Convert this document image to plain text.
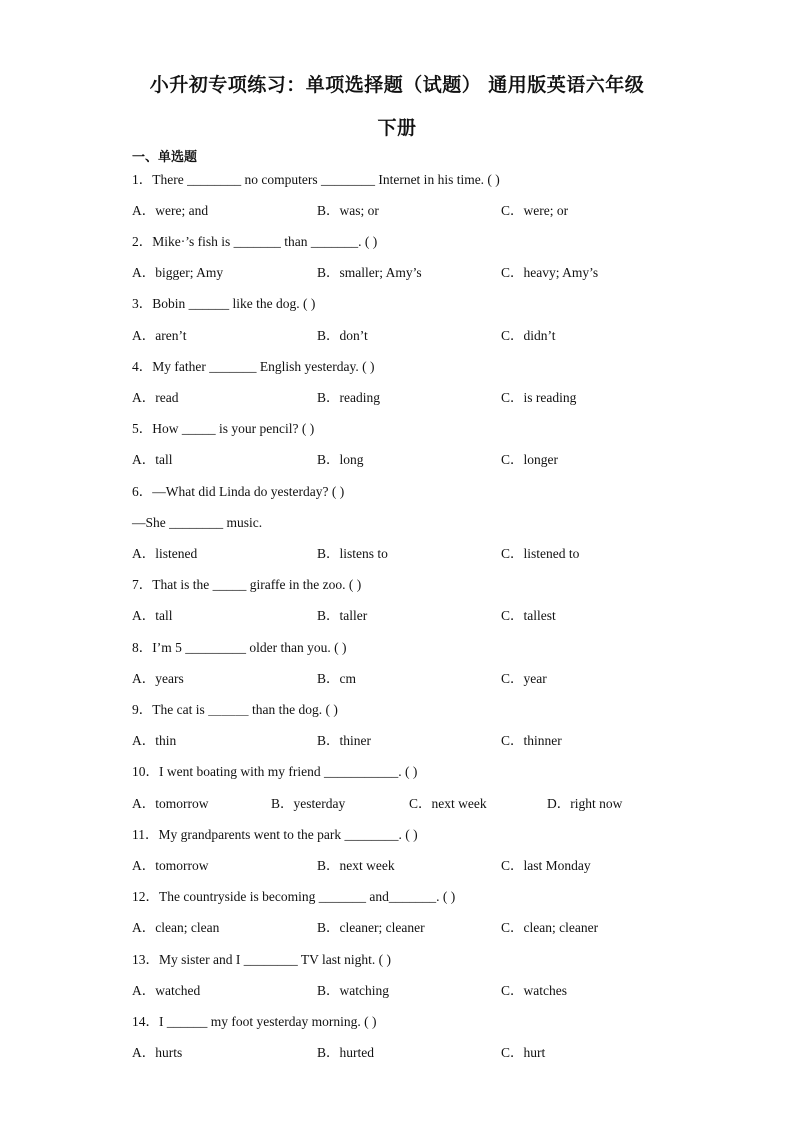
小升初专项练习：单项选择题（试题） 通用版英语六年级
下册
一、单选题
1．There ________ no computers ________ Internet in his time. ( )
A．were; and	B．was; or	C．were; or
2．Mike·’s fish is _______ than _______. ( )
A．bigger; Amy	B．smaller; Amy’s	C．heavy; Amy’s
3．Bobin ______ like the dog. ( )
A．aren’t	B．don’t	C．didn’t
4．My father _______ English yesterday. ( )
A．read	B．reading	C．is reading
5．How _____ is your pencil? ( )
A．tall	B．long	C．longer
6．—What did Linda do yesterday? ( )
—She ________ music.
A．listened	B．listens to	C．listened to
7．That is the _____ giraffe in the zoo. ( )
A．tall	B．taller	C．tallest
8．I’m 5 _________ older than you. ( )
A．years	B．cm	C．year
9．The cat is ＿＿＿ than the dog. ( )
A．thin	B．thiner	C．thinner
10．I went boating with my friend ___________. ( )
A．tomorrow	B．yesterday	C．next week	D．right now
11．My grandparents went to the park ________. ( )
A．tomorrow	B．next week	C．last Monday
12．The countryside is becoming _______ and_______. ( )
A．clean; clean	B．cleaner; cleaner	C．clean; cleaner
13．My sister and I ________ TV last night. ( )
A．watched	B．watching	C．watches
14．I ______ my foot yesterday morning. ( )
A．hurts	B．hurted	C．hurt
